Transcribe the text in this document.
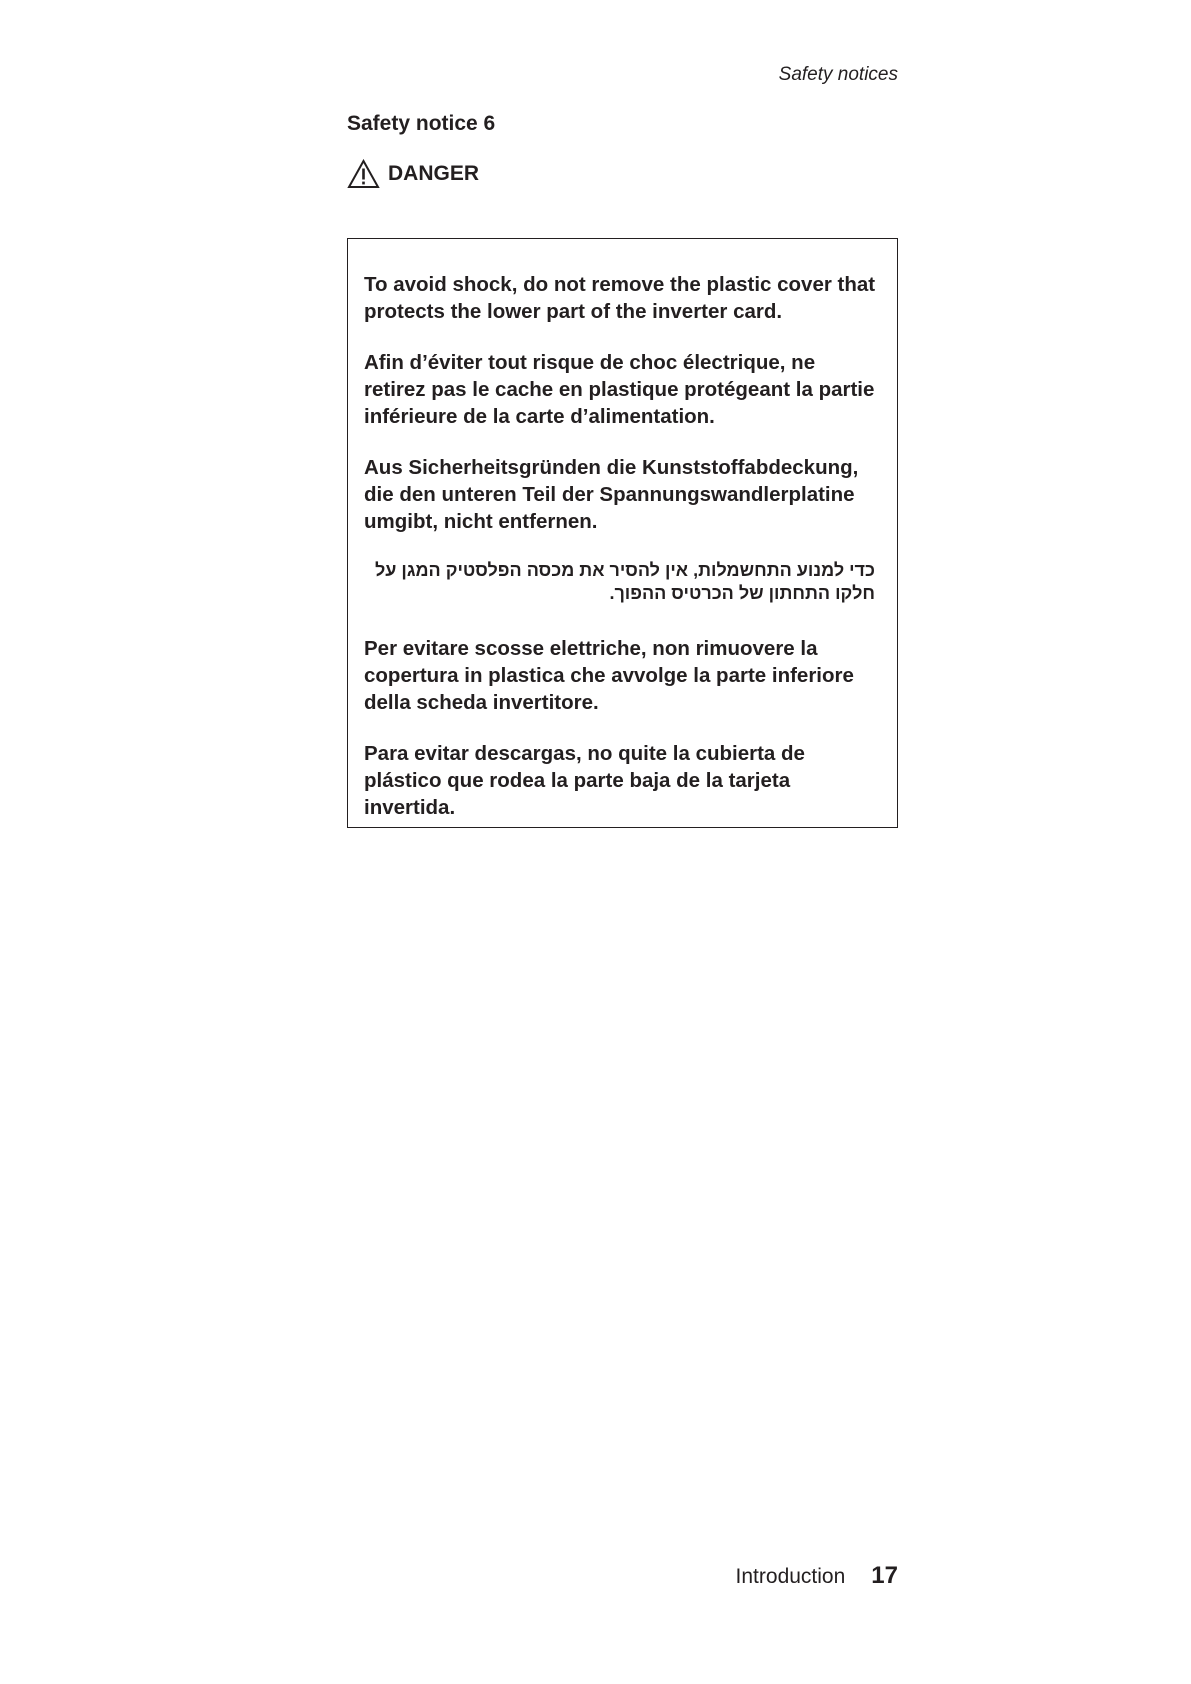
Safety notices
Safety notice 6
DANGER

To avoid shock, do not remove the plastic cover that protects the lower part of the inverter card.

Afin d’éviter tout risque de choc électrique, ne retirez pas le cache en plastique protégeant la partie inférieure de la carte d’alimentation.

Aus Sicherheitsgründen die Kunststoffabdeckung, die den unteren Teil der Spannungswandlerplatine umgibt, nicht entfernen.

כדי למנוע התחשמלות, אין להסיר את מכסה הפלסטיק המגן על חלקו התחתון של הכרטיס ההפוך.

Per evitare scosse elettriche, non rimuovere la copertura in plastica che avvolge la parte inferiore della scheda invertitore.

Para evitar descargas, no quite la cubierta de plástico que rodea la parte baja de la tarjeta invertida.

Introduction 17
